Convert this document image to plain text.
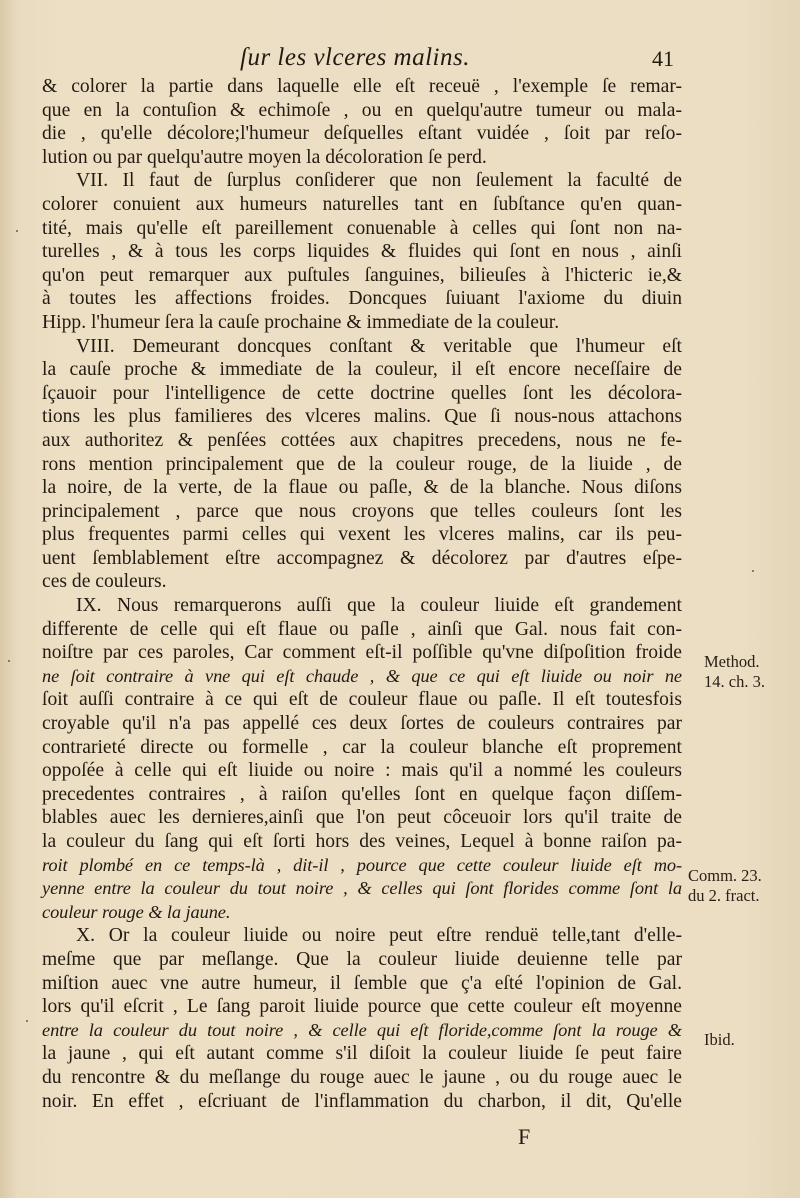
ſur les vlceres malins.	41
& colorer la partie dans laquelle elle eſt receuë , l'exemple ſe remar-
que en la contuſion & echimoſe , ou en quelqu'autre tumeur ou mala-
die , qu'elle décolore;l'humeur deſquelles eſtant vuidée , ſoit par reſo-
lution ou par quelqu'autre moyen la décoloration ſe perd.
VII. Il faut de ſurplus conſiderer que non ſeulement la faculté de
colorer conuient aux humeurs naturelles tant en ſubſtance qu'en quan-
tité, mais qu'elle eſt pareillement conuenable à celles qui ſont non na-
turelles , & à tous les corps liquides & fluides qui ſont en nous , ainſi
qu'on peut remarquer aux puſtules ſanguines, bilieuſes à l'hicteric ie,&
à toutes les affections froides. Doncques ſuiuant l'axiome du diuin
Hipp. l'humeur ſera la cauſe prochaine & immediate de la couleur.
VIII. Demeurant doncques conſtant & veritable que l'humeur eſt
la cauſe proche & immediate de la couleur, il eſt encore neceſſaire de
ſçauoir pour l'intelligence de cette doctrine quelles ſont les décolora-
tions les plus familieres des vlceres malins. Que ſi nous-nous attachons
aux authoritez & penſées cottées aux chapitres precedens, nous ne fe-
rons mention principalement que de la couleur rouge, de la liuide , de
la noire, de la verte, de la flaue ou paſle, & de la blanche. Nous diſons
principalement , parce que nous croyons que telles couleurs ſont les
plus frequentes parmi celles qui vexent les vlceres malins, car ils peu-
uent ſemblablement eſtre accompagnez & décolorez par d'autres eſpe-
ces de couleurs.
IX. Nous remarquerons auſſi que la couleur liuide eſt grandement
differente de celle qui eſt flaue ou paſle , ainſi que Gal. nous fait con-
noiſtre par ces paroles, Car comment eſt-il poſſible qu'vne diſpoſition froide
ne ſoit contraire à vne qui eſt chaude , & que ce qui eſt liuide ou noir ne
ſoit auſſi contraire à ce qui eſt de couleur flaue ou paſle. Il eſt toutesfois
croyable qu'il n'a pas appellé ces deux ſortes de couleurs contraires par
contrarieté directe ou formelle , car la couleur blanche eſt proprement
oppoſée à celle qui eſt liuide ou noire : mais qu'il a nommé les couleurs
precedentes contraires , à raiſon qu'elles ſont en quelque façon diſſem-
blables auec les dernieres,ainſi que l'on peut côceuoir lors qu'il traite de
la couleur du ſang qui eſt ſorti hors des veines, Lequel à bonne raiſon pa-
roit plombé en ce temps-là , dit-il , pource que cette couleur liuide eſt mo-
yenne entre la couleur du tout noire , & celles qui ſont florides comme ſont la
couleur rouge & la jaune.
X. Or la couleur liuide ou noire peut eſtre renduë telle,tant d'elle-
meſme que par meſlange. Que la couleur liuide deuienne telle par
miſtion auec vne autre humeur, il ſemble que ç'a eſté l'opinion de Gal.
lors qu'il eſcrit , Le ſang paroit liuide pource que cette couleur eſt moyenne
entre la couleur du tout noire , & celle qui eſt floride,comme ſont la rouge &
la jaune , qui eſt autant comme s'il diſoit la couleur liuide ſe peut faire
du rencontre & du meſlange du rouge auec le jaune , ou du rouge auec le
noir. En effet , eſcriuant de l'inflammation du charbon, il dit, Qu'elle
Method.
14. ch. 3.
Comm. 23.
du 2. fract.
Ibid.
F
